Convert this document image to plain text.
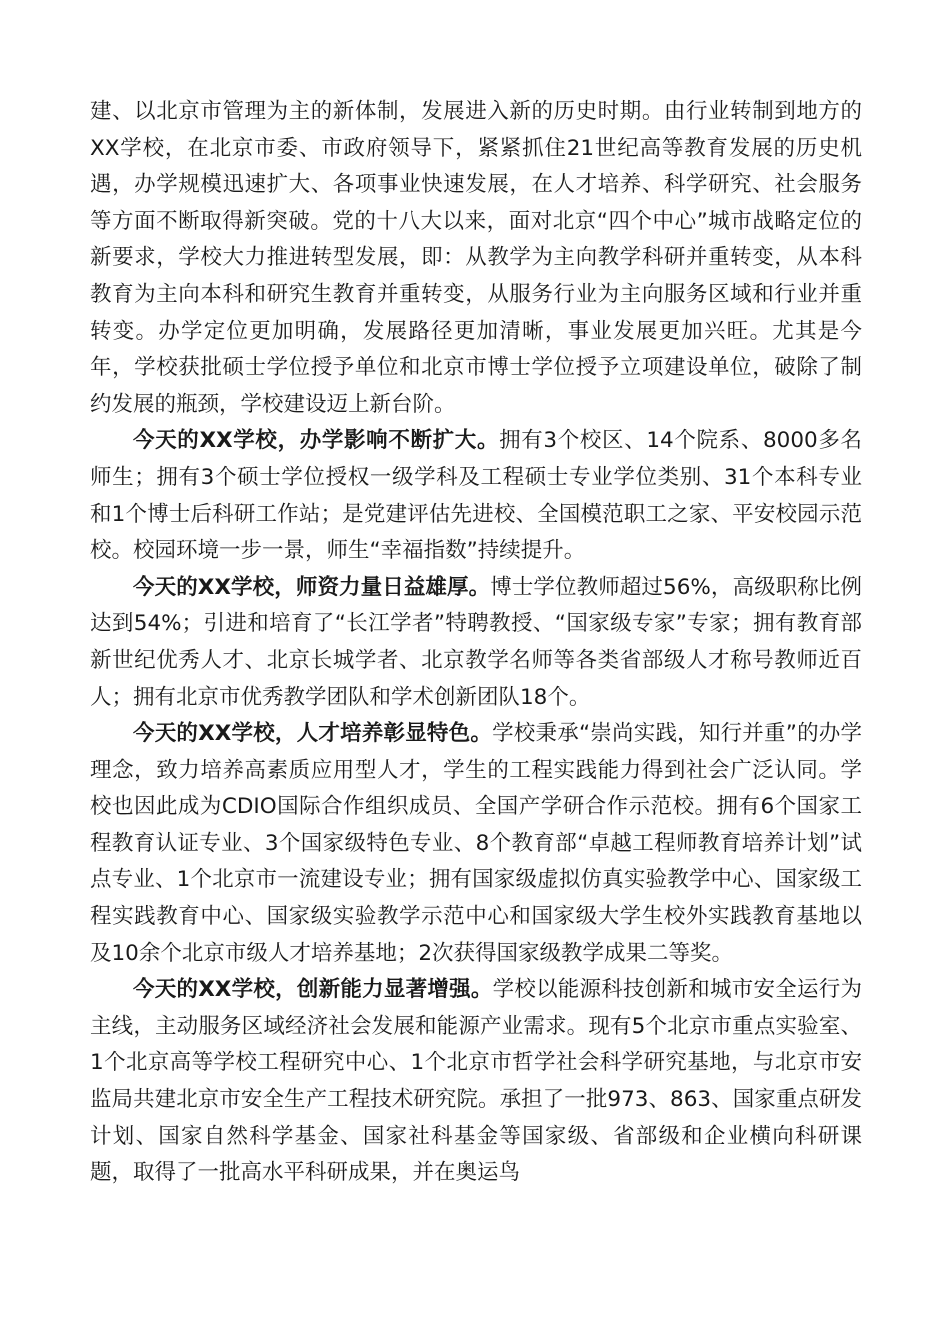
建、以北京市管理为主的新体制，发展进入新的历史时期。由行业转制到地方的XX学校，在北京市委、市政府领导下，紧紧抓住21世纪高等教育发展的历史机遇，办学规模迅速扩大、各项事业快速发展，在人才培养、科学研究、社会服务等方面不断取得新突破。党的十八大以来，面对北京“四个中心”城市战略定位的新要求，学校大力推进转型发展，即：从教学为主向教学科研并重转变，从本科教育为主向本科和研究生教育并重转变，从服务行业为主向服务区域和行业并重转变。办学定位更加明确，发展路径更加清晰，事业发展更加兴旺。尤其是今年，学校获批硕士学位授予单位和北京市博士学位授予立项建设单位，破除了制约发展的瓶颈，学校建设迈上新台阶。

今天的XX学校，办学影响不断扩大。拥有3个校区、14个院系、8000多名师生；拥有3个硕士学位授权一级学科及工程硕士专业学位类别、31个本科专业和1个博士后科研工作站；是党建评估先进校、全国模范职工之家、平安校园示范校。校园环境一步一景，师生“幸福指数”持续提升。

今天的XX学校，师资力量日益雄厚。博士学位教师超过56%，高级职称比例达到54%；引进和培育了“长江学者”特聘教授、“国家级专家”专家；拥有教育部新世纪优秀人才、北京长城学者、北京教学名师等各类省部级人才称号教师近百人；拥有北京市优秀教学团队和学术创新团队18个。

今天的XX学校，人才培养彰显特色。学校秉承“崇尚实践，知行并重”的办学理念，致力培养高素质应用型人才，学生的工程实践能力得到社会广泛认同。学校也因此成为CDIO国际合作组织成员、全国产学研合作示范校。拥有6个国家工程教育认证专业、3个国家级特色专业、8个教育部“卓越工程师教育培养计划”试点专业、1个北京市一流建设专业；拥有国家级虚拟仿真实验教学中心、国家级工程实践教育中心、国家级实验教学示范中心和国家级大学生校外实践教育基地以及10余个北京市级人才培养基地；2次获得国家级教学成果二等奖。

今天的XX学校，创新能力显著增强。学校以能源科技创新和城市安全运行为主线，主动服务区域经济社会发展和能源产业需求。现有5个北京市重点实验室、1个北京高等学校工程研究中心、1个北京市哲学社会科学研究基地，与北京市安监局共建北京市安全生产工程技术研究院。承担了一批973、863、国家重点研发计划、国家自然科学基金、国家社科基金等国家级、省部级和企业横向科研课题，取得了一批高水平科研成果，并在奥运鸟
